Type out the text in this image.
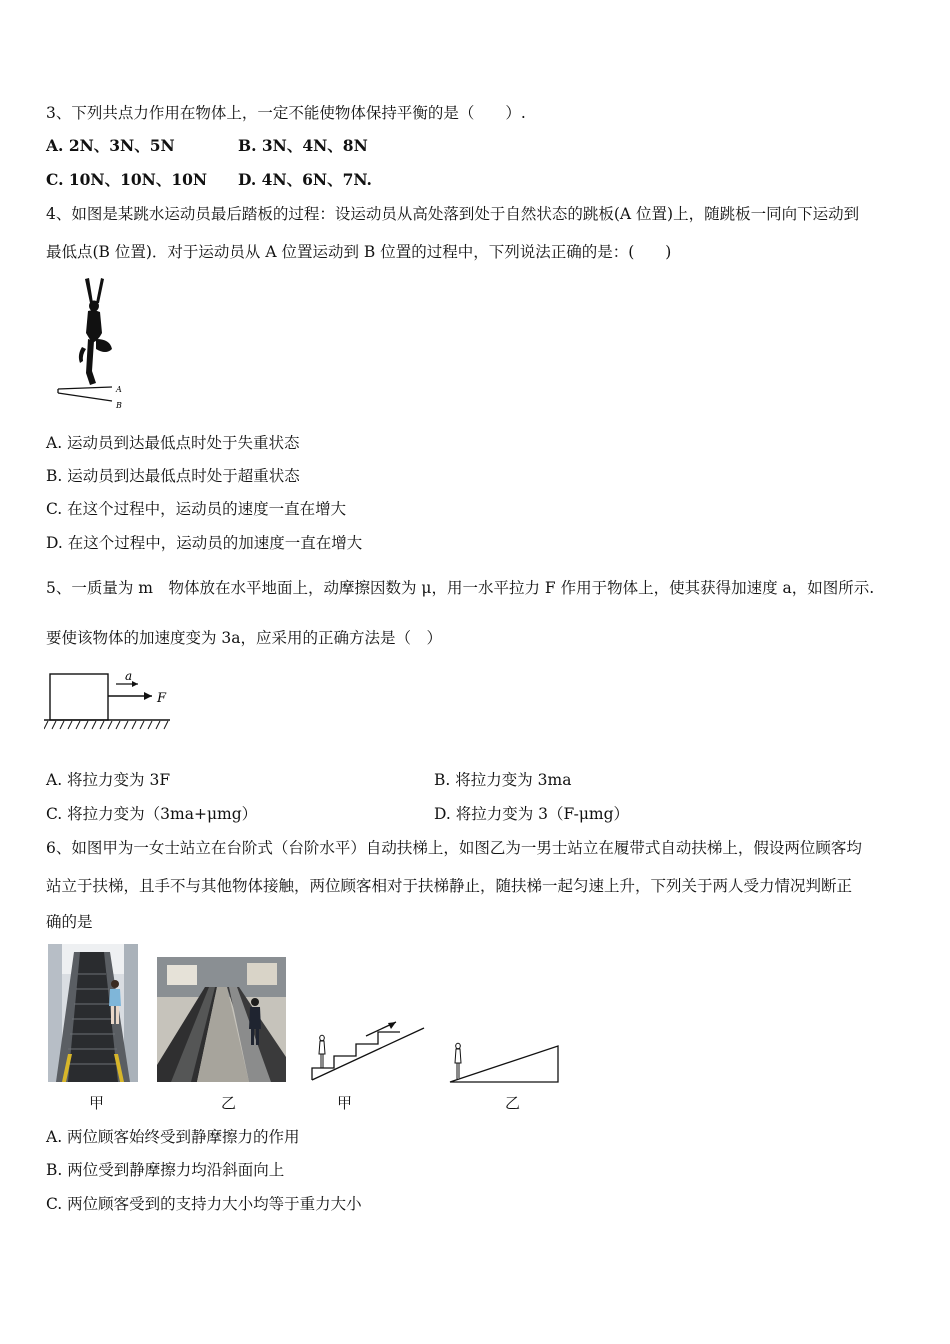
3、下列共点力作用在物体上，一定不能使物体保持平衡的是（　　）.
A. 2N、3N、5N	B. 3N、4N、8N
C. 10N、10N、10N D. 4N、6N、7N.
4、如图是某跳水运动员最后踏板的过程：设运动员从高处落到处于自然状态的跳板(A 位置)上，随跳板一同向下运动到
最低点(B 位置)．对于运动员从 A 位置运动到 B 位置的过程中，下列说法正确的是：(　　)
A
B
A. 运动员到达最低点时处于失重状态
B. 运动员到达最低点时处于超重状态
C. 在这个过程中，运动员的速度一直在增大
D. 在这个过程中，运动员的加速度一直在增大
5、一质量为 m　物体放在水平地面上，动摩擦因数为 μ，用一水平拉力 F 作用于物体上，使其获得加速度 a，如图所示.
要使该物体的加速度变为 3a，应采用的正确方法是（　）
a
F
A. 将拉力变为 3F	B. 将拉力变为 3ma
C. 将拉力变为（3ma+μmg）	D. 将拉力变为 3（F-μmg）
6、如图甲为一女士站立在台阶式（台阶水平）自动扶梯上，如图乙为一男士站立在履带式自动扶梯上，假设两位顾客均
站立于扶梯，且手不与其他物体接触，两位顾客相对于扶梯静止，随扶梯一起匀速上升，下列关于两人受力情况判断正
确的是
甲	乙	甲	乙
A. 两位顾客始终受到静摩擦力的作用
B. 两位受到静摩擦力均沿斜面向上
C. 两位顾客受到的支持力大小均等于重力大小
